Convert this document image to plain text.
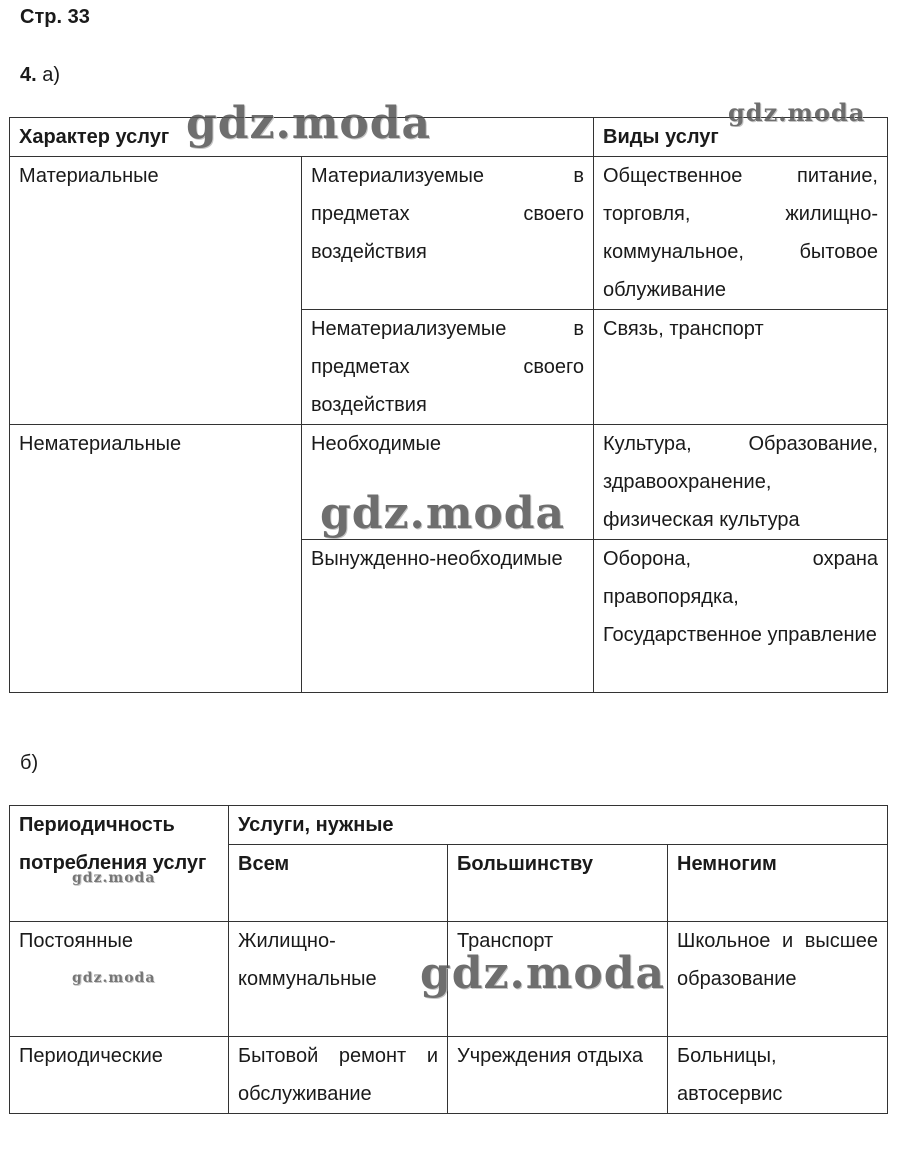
Стр. 33
4. а)
Характер услуг		Виды услуг
Материальные	Материализуемые в предметах своего воздействия	Общественное питание, торговля, жилищно-коммунальное, бытовое облуживание
	Нематериализуемые в предметах своего воздействия	Связь, транспорт
Нематериальные	Необходимые	Культура, Образование, здравоохранение, физическая культура
	Вынужденно-необходимые	Оборона, охрана правопорядка, Государственное управление
б)
Периодичность потребления услуг	Услуги, нужные		
	Всем	Большинству	Немногим
Постоянные	Жилищно-коммунальные	Транспорт	Школьное и высшее образование
Периодические	Бытовой ремонт и обслуживание	Учреждения отдыха	Больницы, автосервис
gdz.moda	gdz.moda
gdz.moda
gdz.moda
gdz.moda	gdz.moda
